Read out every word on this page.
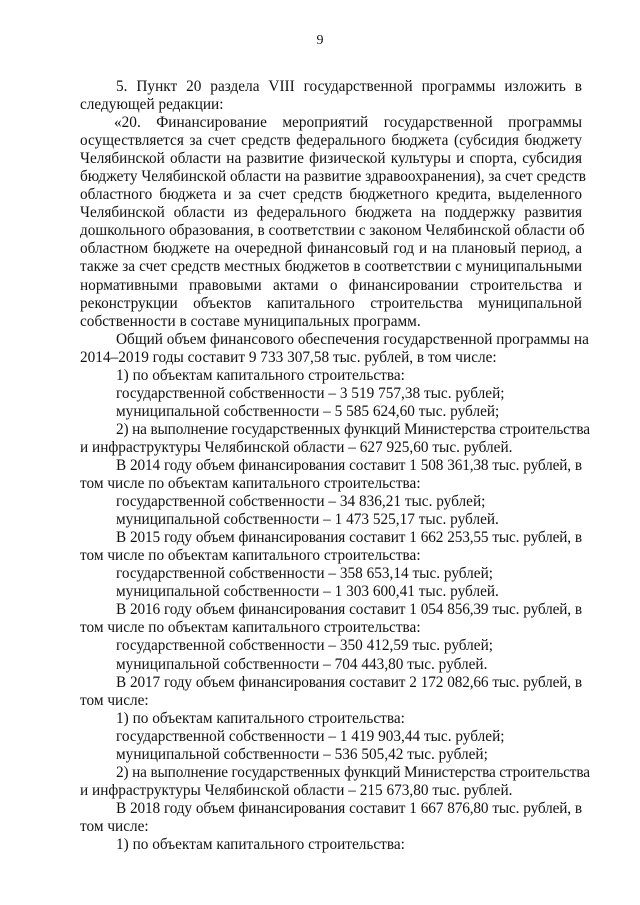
9
5. Пункт 20 раздела VIII государственной программы изложить в
следующей редакции:
«20. Финансирование мероприятий государственной программы
осуществляется за счет средств федерального бюджета (субсидия бюджету
Челябинской области на развитие физической культуры и спорта, субсидия
бюджету Челябинской области на развитие здравоохранения), за счет средств
областного бюджета и за счет средств бюджетного кредита, выделенного
Челябинской области из федерального бюджета на поддержку развития
дошкольного образования, в соответствии с законом Челябинской области об
областном бюджете на очередной финансовый год и на плановый период, а
также за счет средств местных бюджетов в соответствии с муниципальными
нормативными правовыми актами о финансировании строительства и
реконструкции объектов капитального строительства муниципальной
собственности в составе муниципальных программ.
Общий объем финансового обеспечения государственной программы на
2014–2019 годы составит 9 733 307,58 тыс. рублей, в том числе:
1) по объектам капитального строительства:
государственной собственности – 3 519 757,38 тыс. рублей;
муниципальной собственности – 5 585 624,60 тыс. рублей;
2) на выполнение государственных функций Министерства строительства
и инфраструктуры Челябинской области – 627 925,60 тыс. рублей.
В 2014 году объем финансирования составит 1 508 361,38 тыс. рублей, в
том числе по объектам капитального строительства:
государственной собственности – 34 836,21 тыс. рублей;
муниципальной собственности – 1 473 525,17 тыс. рублей.
В 2015 году объем финансирования составит 1 662 253,55 тыс. рублей, в
том числе по объектам капитального строительства:
государственной собственности – 358 653,14 тыс. рублей;
муниципальной собственности – 1 303 600,41 тыс. рублей.
В 2016 году объем финансирования составит 1 054 856,39 тыс. рублей, в
том числе по объектам капитального строительства:
государственной собственности – 350 412,59 тыс. рублей;
муниципальной собственности – 704 443,80 тыс. рублей.
В 2017 году объем финансирования составит 2 172 082,66 тыс. рублей, в
том числе:
1) по объектам капитального строительства:
государственной собственности – 1 419 903,44 тыс. рублей;
муниципальной собственности – 536 505,42 тыс. рублей;
2) на выполнение государственных функций Министерства строительства
и инфраструктуры Челябинской области – 215 673,80 тыс. рублей.
В 2018 году объем финансирования составит 1 667 876,80 тыс. рублей, в
том числе:
1) по объектам капитального строительства:
